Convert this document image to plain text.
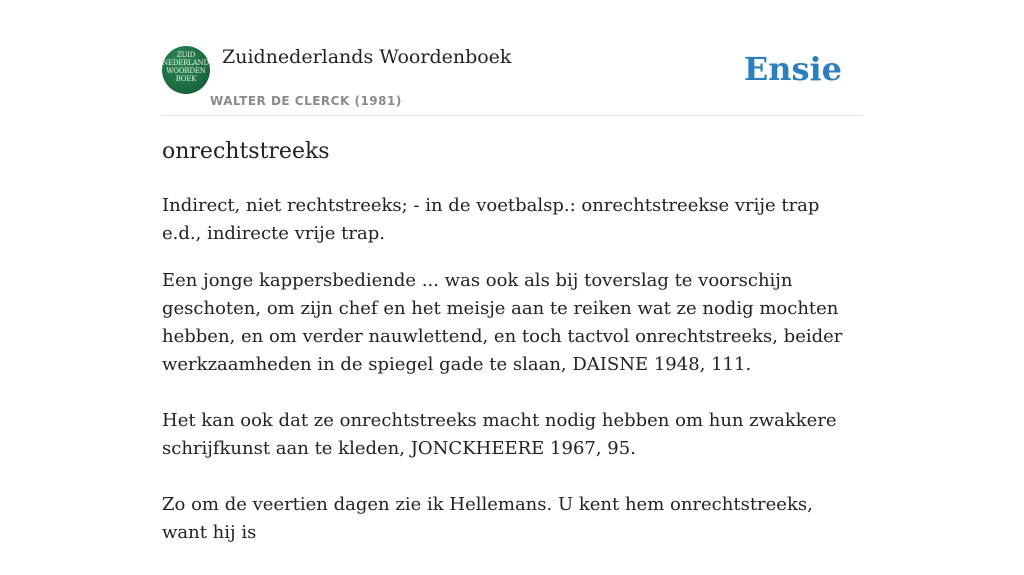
ZUID
NEDERLANDS
WOORDEN
BOEK
Zuidnederlands Woordenboek
WALTER DE CLERCK (1981)
Ensie
onrechtstreeks

Indirect, niet rechtstreeks; - in de voetbalsp.: onrechtstreekse vrije trap e.d., indirecte vrije trap.

Een jonge kappersbediende ... was ook als bij toverslag te voorschijn geschoten, om zijn chef en het meisje aan te reiken wat ze nodig mochten hebben, en om verder nauwlettend, en toch tactvol onrechtstreeks, beider werkzaamheden in de spiegel gade te slaan, DAISNE 1948, 111.

Het kan ook dat ze onrechtstreeks macht nodig hebben om hun zwakkere schrijfkunst aan te kleden, JONCKHEERE 1967, 95.

Zo om de veertien dagen zie ik Hellemans. U kent hem onrechtstreeks, want hij is
